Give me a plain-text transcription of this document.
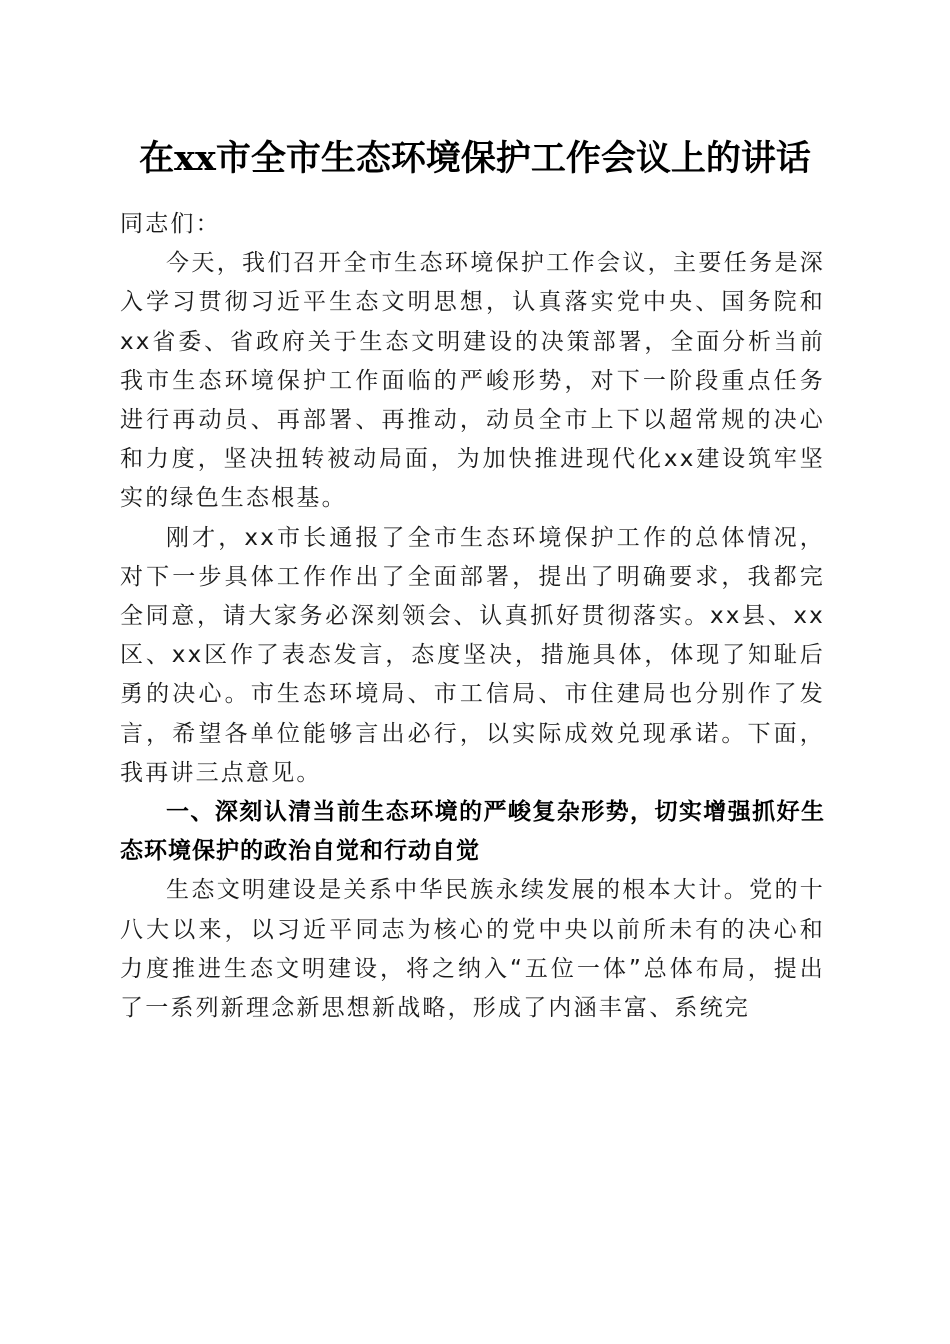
在xx市全市生态环境保护工作会议上的讲话

同志们：

今天，我们召开全市生态环境保护工作会议，主要任务是深入学习贯彻习近平生态文明思想，认真落实党中央、国务院和xx省委、省政府关于生态文明建设的决策部署，全面分析当前我市生态环境保护工作面临的严峻形势，对下一阶段重点任务进行再动员、再部署、再推动，动员全市上下以超常规的决心和力度，坚决扭转被动局面，为加快推进现代化xx建设筑牢坚实的绿色生态根基。

刚才，xx市长通报了全市生态环境保护工作的总体情况，对下一步具体工作作出了全面部署，提出了明确要求，我都完全同意，请大家务必深刻领会、认真抓好贯彻落实。xx县、xx区、xx区作了表态发言，态度坚决，措施具体，体现了知耻后勇的决心。市生态环境局、市工信局、市住建局也分别作了发言，希望各单位能够言出必行，以实际成效兑现承诺。下面，我再讲三点意见。

一、深刻认清当前生态环境的严峻复杂形势，切实增强抓好生态环境保护的政治自觉和行动自觉

生态文明建设是关系中华民族永续发展的根本大计。党的十八大以来，以习近平同志为核心的党中央以前所未有的决心和力度推进生态文明建设，将之纳入“五位一体”总体布局，提出了一系列新理念新思想新战略，形成了内涵丰富、系统完
